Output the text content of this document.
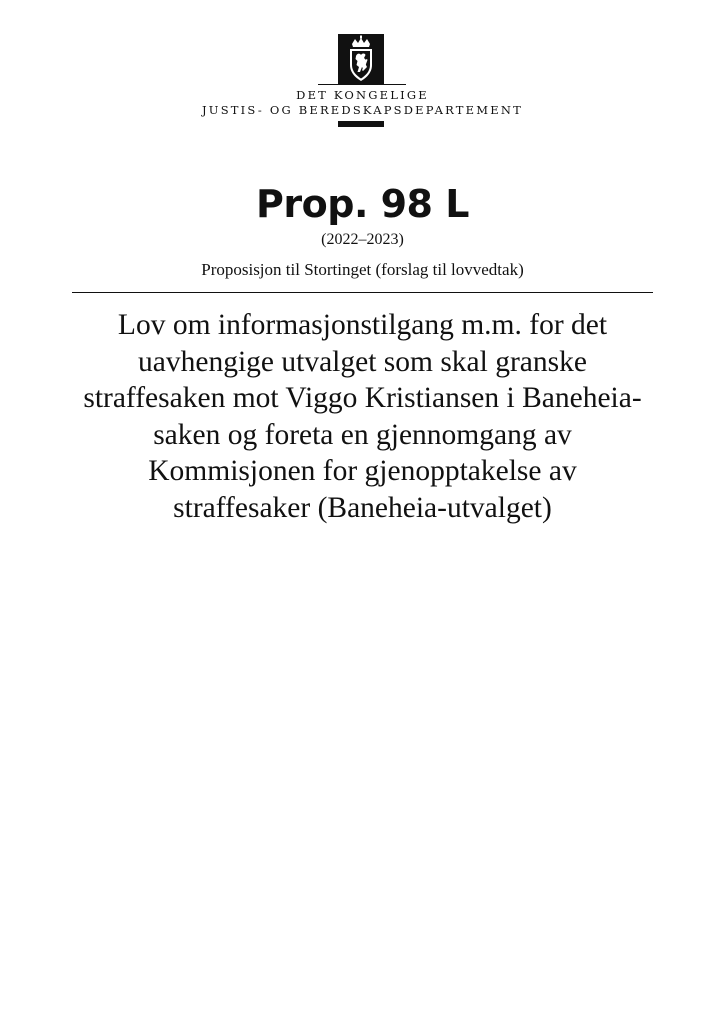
DET KONGELIGE
JUSTIS- OG BEREDSKAPSDEPARTEMENT
Prop. 98 L
(2022–2023)
Proposisjon til Stortinget (forslag til lovvedtak)
Lov om informasjonstilgang m.m. for det
uavhengige utvalget som skal granske
straffesaken mot Viggo Kristiansen i Baneheia-
saken og foreta en gjennomgang av
Kommisjonen for gjenopptakelse av
straffesaker (Baneheia-utvalget)
